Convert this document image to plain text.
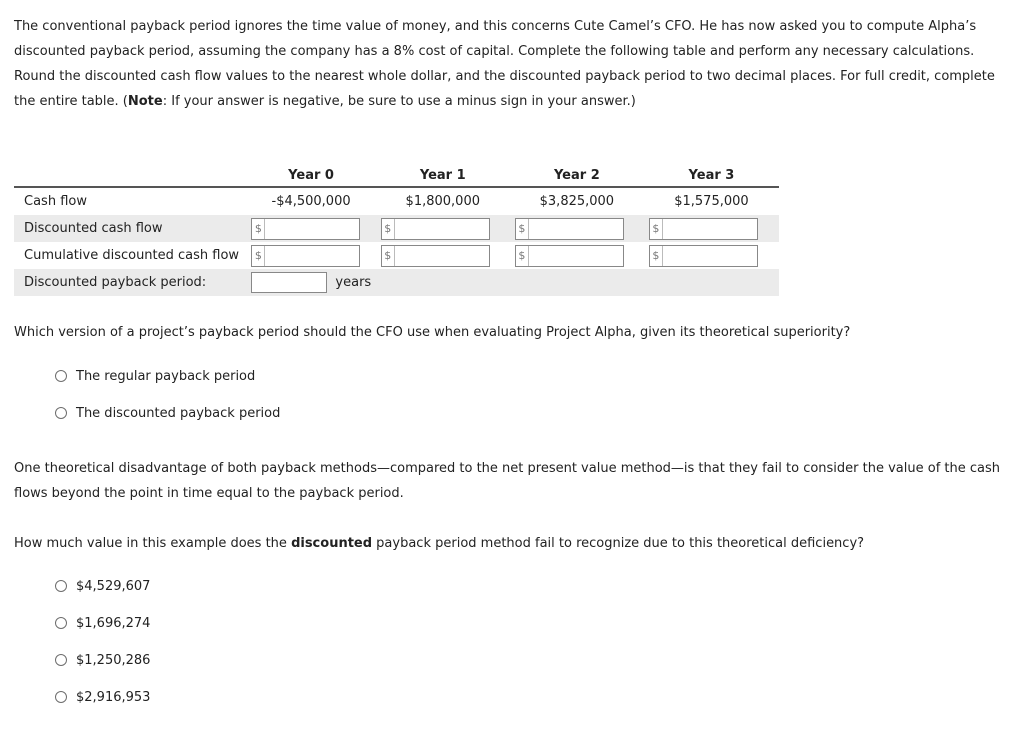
The conventional payback period ignores the time value of money, and this concerns Cute Camel’s CFO. He has now asked you to compute Alpha’s discounted payback period, assuming the company has a 8% cost of capital. Complete the following table and perform any necessary calculations. Round the discounted cash flow values to the nearest whole dollar, and the discounted payback period to two decimal places. For full credit, complete the entire table. (Note: If your answer is negative, be sure to use a minus sign in your answer.)

	Year 0	Year 1	Year 2	Year 3
Cash flow	-$4,500,000	$1,800,000	$3,825,000	$1,575,000
Discounted cash flow	$	$	$	$

Cumulative discounted cash flow	$	$	$	$

Discounted payback period:	years			

Which version of a project’s payback period should the CFO use when evaluating Project Alpha, given its theoretical superiority?

The regular payback period
The discounted payback period

One theoretical disadvantage of both payback methods—compared to the net present value method—is that they fail to consider the value of the cash flows beyond the point in time equal to the payback period.

How much value in this example does the discounted payback period method fail to recognize due to this theoretical deficiency?

$4,529,607
$1,696,274
$1,250,286
$2,916,953
